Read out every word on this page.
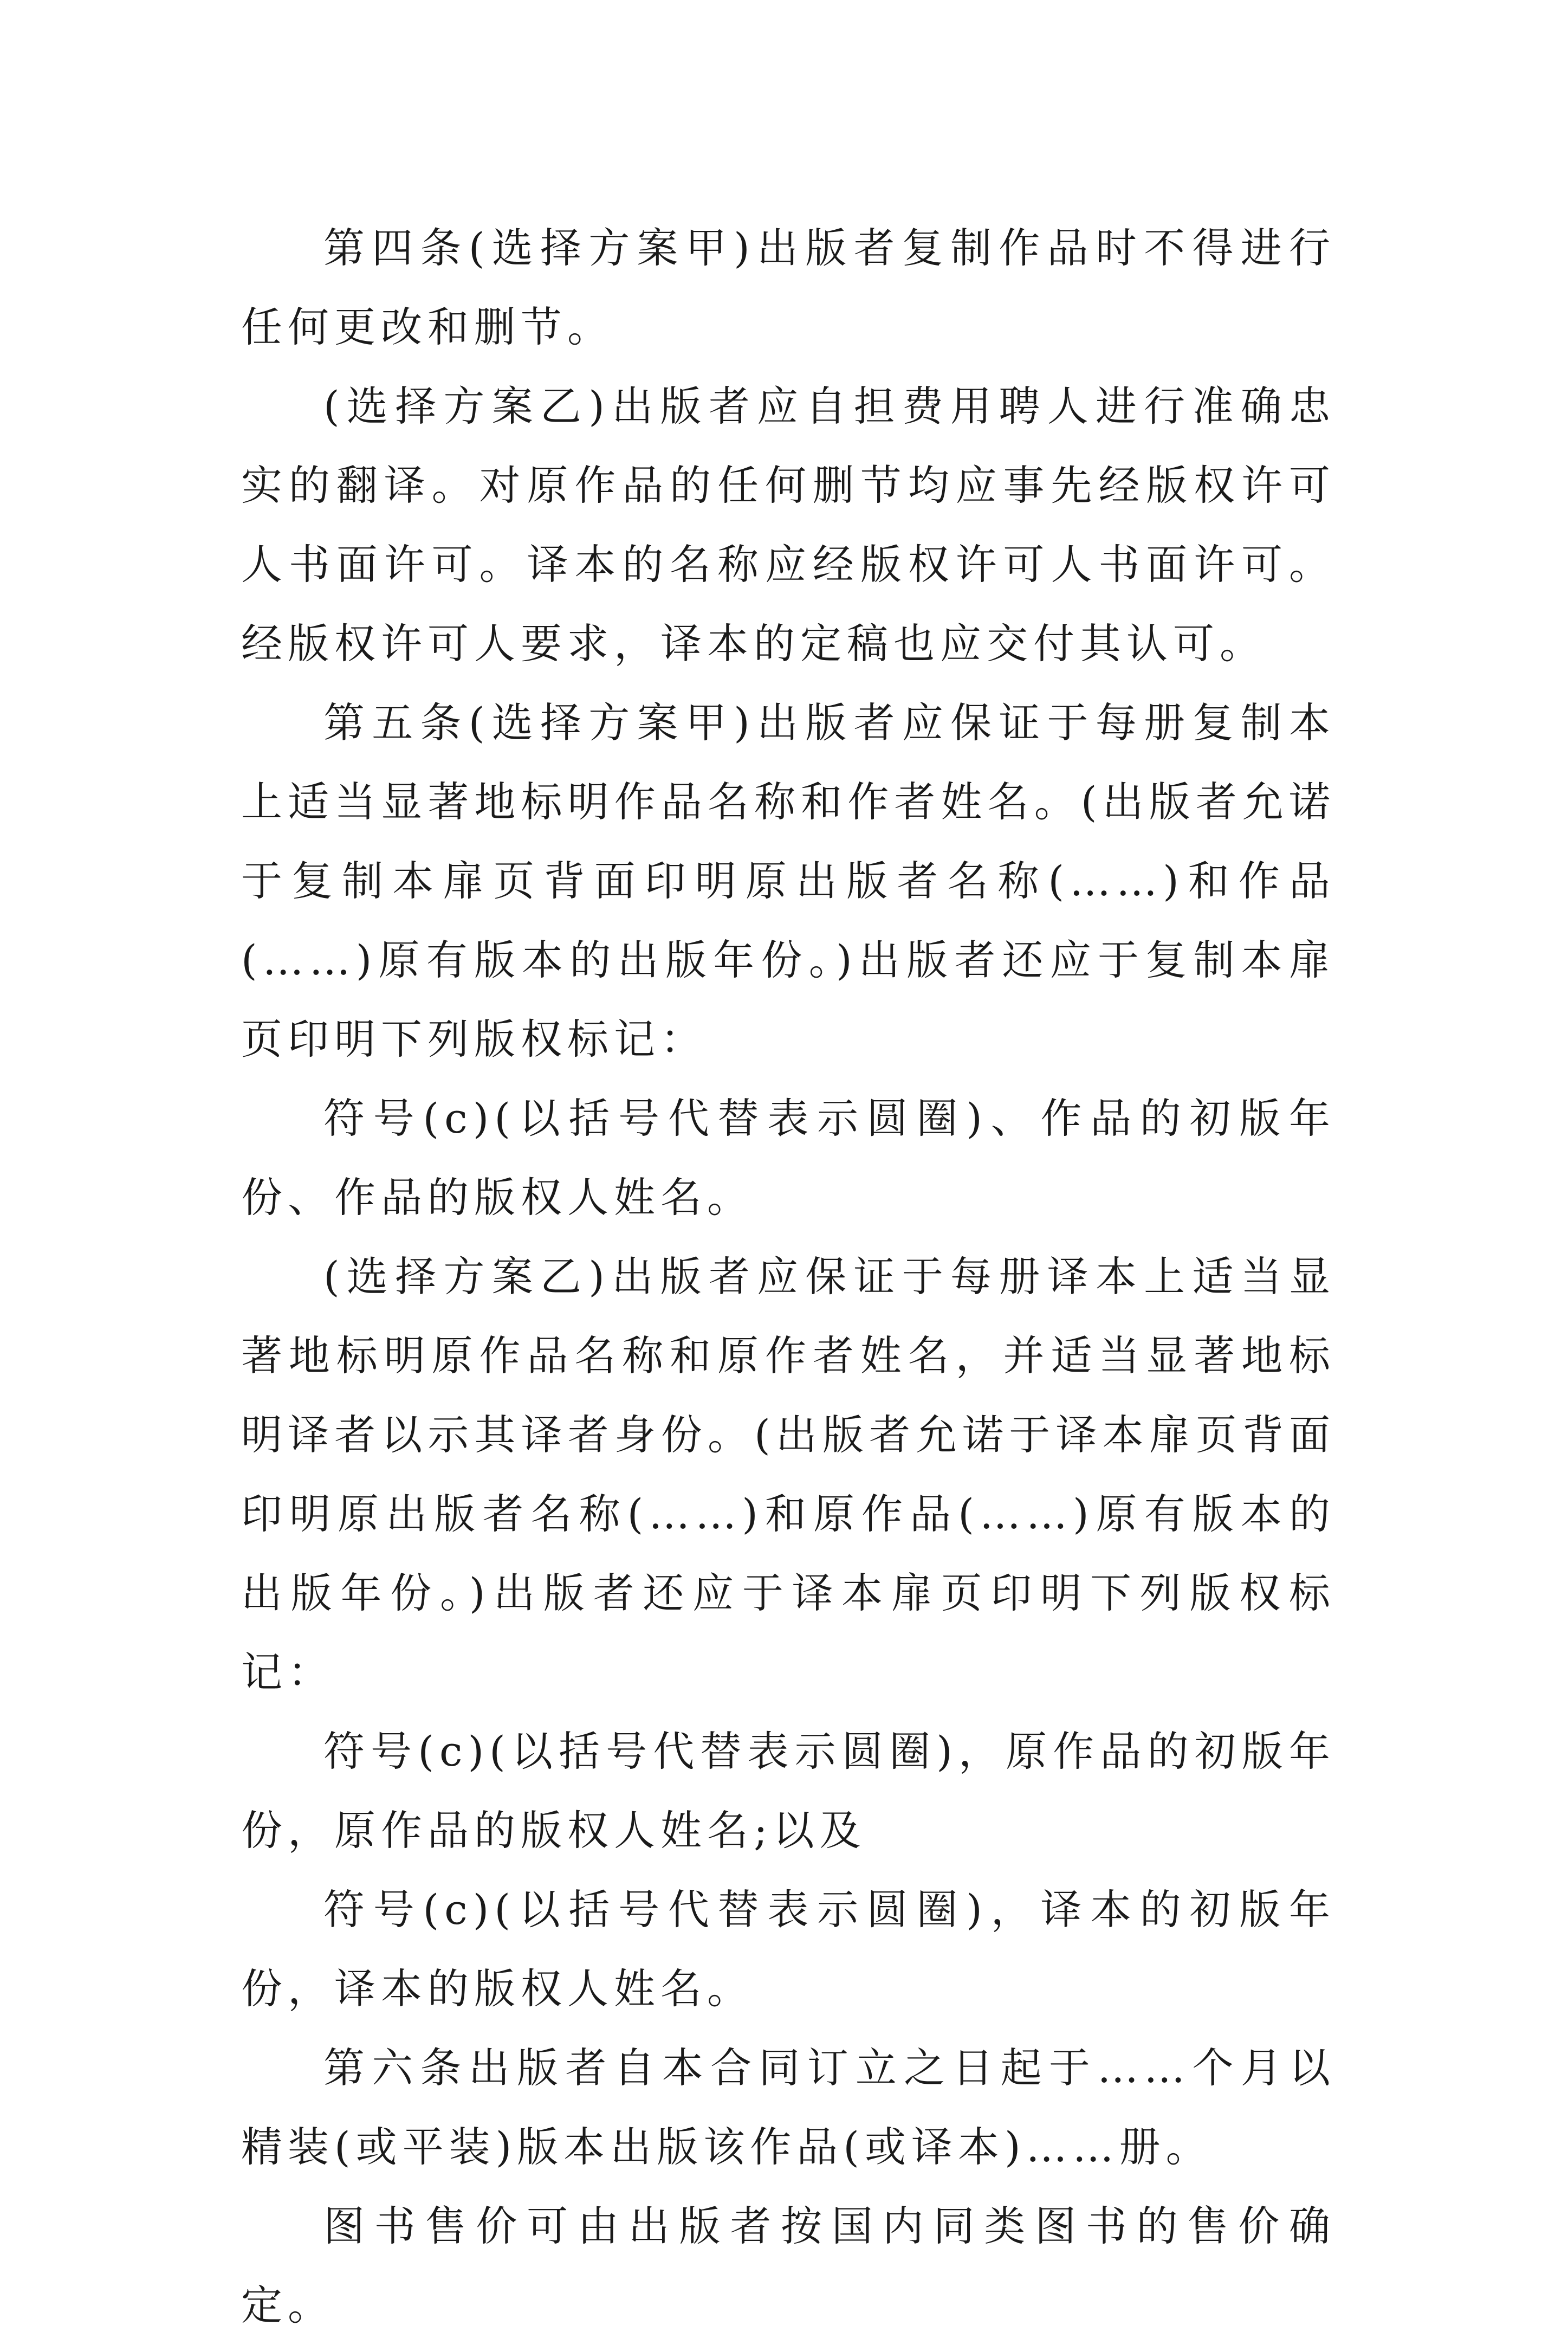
第四条(选择方案甲)出版者复制作品时不得进行任何更改和删节。

(选择方案乙)出版者应自担费用聘人进行准确忠实的翻译。对原作品的任何删节均应事先经版权许可人书面许可。译本的名称应经版权许可人书面许可。经版权许可人要求，译本的定稿也应交付其认可。

第五条(选择方案甲)出版者应保证于每册复制本上适当显著地标明作品名称和作者姓名。(出版者允诺于复制本扉页背面印明原出版者名称(……)和作品(……)原有版本的出版年份。)出版者还应于复制本扉页印明下列版权标记：

符号(c)(以括号代替表示圆圈)、作品的初版年份、作品的版权人姓名。

(选择方案乙)出版者应保证于每册译本上适当显著地标明原作品名称和原作者姓名，并适当显著地标明译者以示其译者身份。(出版者允诺于译本扉页背面印明原出版者名称(……)和原作品(……)原有版本的出版年份。)出版者还应于译本扉页印明下列版权标记：

符号(c)(以括号代替表示圆圈)，原作品的初版年份，原作品的版权人姓名;以及

符号(c)(以括号代替表示圆圈)，译本的初版年份，译本的版权人姓名。

第六条出版者自本合同订立之日起于……个月以精装(或平装)版本出版该作品(或译本)……册。

图书售价可由出版者按国内同类图书的售价确定。
